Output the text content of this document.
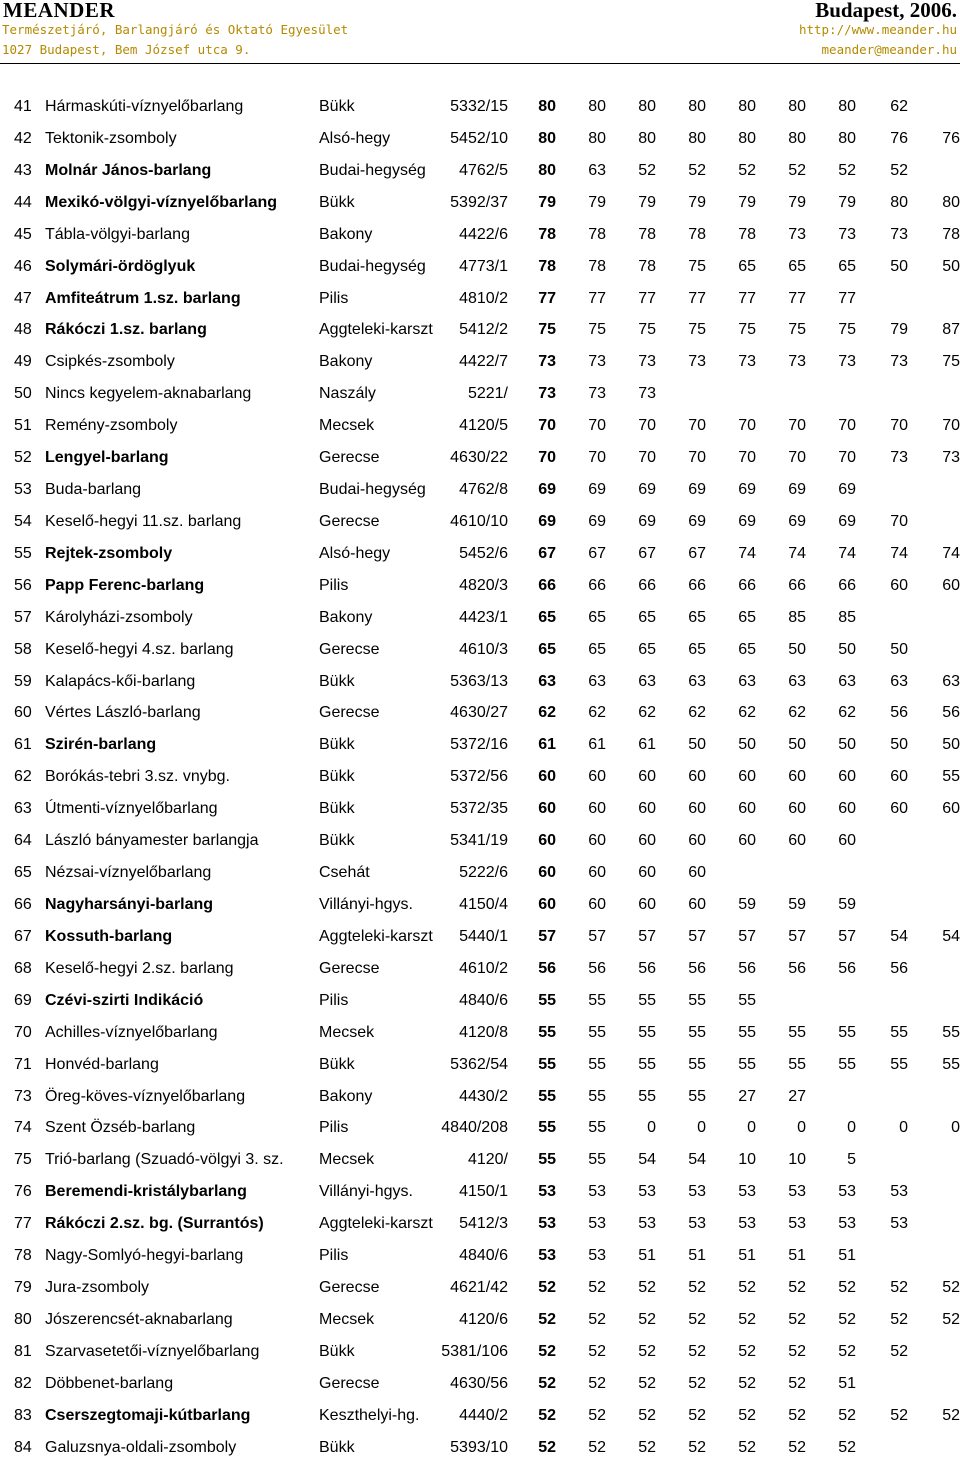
MEANDER	Budapest, 2006.
Természetjáró, Barlangjáró és Oktató Egyesület
1027 Budapest, Bem József utca 9.
http://www.meander.hu
meander@meander.hu
41 Hármaskúti-víznyelőbarlang	Bükk	5332/15	80	80	80	80	80	80	80	62
42 Tektonik-zsomboly	Alsó-hegy	5452/10	80	80	80	80	80	80	80	76	76
43 Molnár János-barlang	Budai-hegység 4762/5	80	63	52	52	52	52	52	52
44 Mexikó-völgyi-víznyelőbarlang	Bükk	5392/37	79	79	79	79	79	79	79	80	80
45 Tábla-völgyi-barlang	Bakony	4422/6	78	78	78	78	78	73	73	73	78
46 Solymári-ördöglyuk	Budai-hegység 4773/1	78	78	78	75	65	65	65	50	50
47 Amfiteátrum 1.sz. barlang	Pilis	4810/2	77	77	77	77	77	77	77
48 Rákóczi 1.sz. barlang	Aggteleki-karszt 5412/2	75	75	75	75	75	75	75	79	87
49 Csipkés-zsomboly	Bakony	4422/7	73	73	73	73	73	73	73	73	75
50 Nincs kegyelem-aknabarlang	Naszály	5221/	73	73	73
51 Remény-zsomboly	Mecsek	4120/5	70	70	70	70	70	70	70	70	70
52 Lengyel-barlang	Gerecse	4630/22	70	70	70	70	70	70	70	73	73
53 Buda-barlang	Budai-hegység 4762/8	69	69	69	69	69	69	69
54 Keselő-hegyi 11.sz. barlang	Gerecse	4610/10	69	69	69	69	69	69	69	70
55 Rejtek-zsomboly	Alsó-hegy	5452/6	67	67	67	67	74	74	74	74	74
56 Papp Ferenc-barlang	Pilis	4820/3	66	66	66	66	66	66	66	60	60
57 Károlyházi-zsomboly	Bakony	4423/1	65	65	65	65	65	85	85
58 Keselő-hegyi 4.sz. barlang	Gerecse	4610/3	65	65	65	65	65	50	50	50
59 Kalapács-kői-barlang	Bükk	5363/13	63	63	63	63	63	63	63	63	63
60 Vértes László-barlang	Gerecse	4630/27	62	62	62	62	62	62	62	56	56
61 Szirén-barlang	Bükk	5372/16	61	61	61	50	50	50	50	50	50
62 Borókás-tebri 3.sz. vnybg.	Bükk	5372/56	60	60	60	60	60	60	60	60	55
63 Útmenti-víznyelőbarlang	Bükk	5372/35	60	60	60	60	60	60	60	60	60
64 László bányamester barlangja	Bükk	5341/19	60	60	60	60	60	60	60
65 Nézsai-víznyelőbarlang	Csehát	5222/6	60	60	60	60
66 Nagyharsányi-barlang	Villányi-hgys.	4150/4	60	60	60	60	59	59	59
67 Kossuth-barlang	Aggteleki-karszt 5440/1	57	57	57	57	57	57	57	54	54
68 Keselő-hegyi 2.sz. barlang	Gerecse	4610/2	56	56	56	56	56	56	56	56
69 Czévi-szirti Indikáció	Pilis	4840/6	55	55	55	55	55
70 Achilles-víznyelőbarlang	Mecsek	4120/8	55	55	55	55	55	55	55	55	55
71 Honvéd-barlang	Bükk	5362/54	55	55	55	55	55	55	55	55	55
73 Öreg-köves-víznyelőbarlang	Bakony	4430/2	55	55	55	55	27	27
74 Szent Özséb-barlang	Pilis	4840/208	55	55	0	0	0	0	0	0	0
75 Trió-barlang (Szuadó-völgyi 3. sz. Mecsek	4120/	55	55	54	54	10	10	5
76 Beremendi-kristálybarlang	Villányi-hgys.	4150/1	53	53	53	53	53	53	53	53
77 Rákóczi 2.sz. bg. (Surrantós)	Aggteleki-karszt 5412/3	53	53	53	53	53	53	53	53
78 Nagy-Somlyó-hegyi-barlang	Pilis	4840/6	53	53	51	51	51	51	51
79 Jura-zsomboly	Gerecse	4621/42	52	52	52	52	52	52	52	52	52
80 Jószerencsét-aknabarlang	Mecsek	4120/6	52	52	52	52	52	52	52	52	52
81 Szarvasetetői-víznyelőbarlang	Bükk	5381/106	52	52	52	52	52	52	52	52
82 Döbbenet-barlang	Gerecse	4630/56	52	52	52	52	52	52	51
83 Cserszegtomaji-kútbarlang	Keszthelyi-hg. 4440/2	52	52	52	52	52	52	52	52	52
84 Galuzsnya-oldali-zsomboly	Bükk	5393/10	52	52	52	52	52	52	52
